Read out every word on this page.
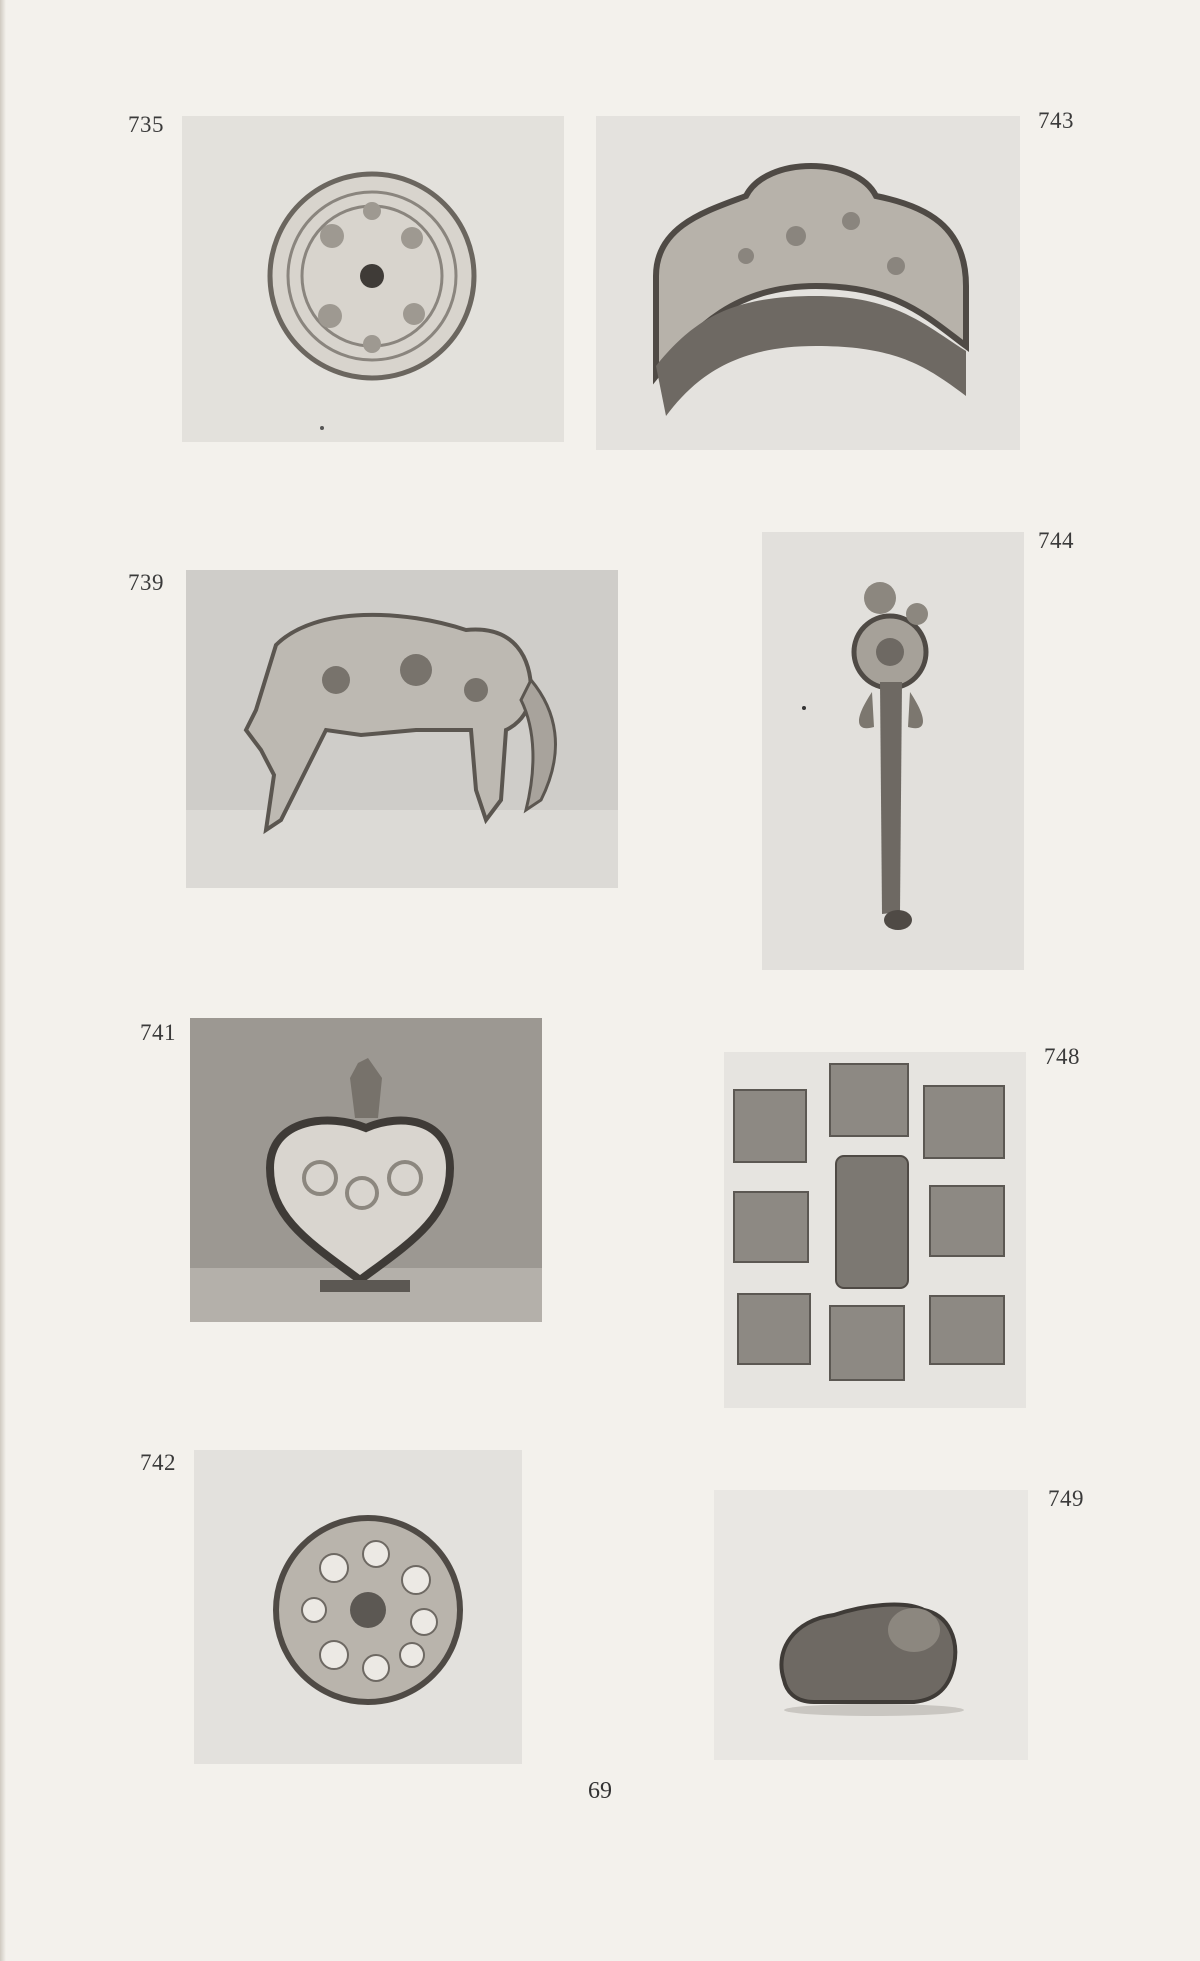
735	743
739
744
741
748
742
749
69
